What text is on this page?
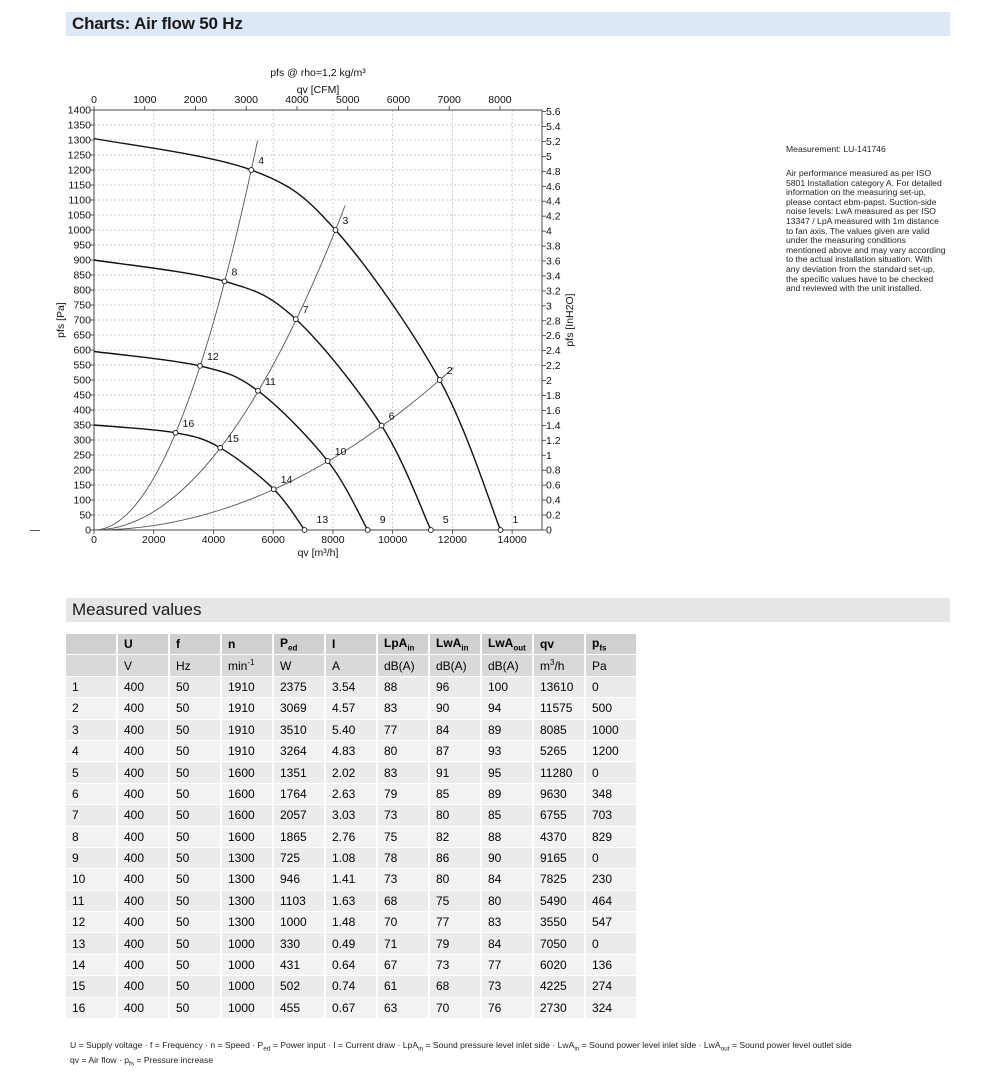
Charts: Air flow 50 Hz
0
50
100
150
200
250
300
350
400
450
500
550
600
650
700
750
800
850
900
950
1000
1050
1100
1150
1200
1250
1300
1350
1400
0	2000	4000	6000	8000	10000	12000	14000
0	1000	2000	3000	4000	5000	6000	7000	8000
0
0.2
0.4
0.6
0.8
1
1.2
1.4
1.6
1.8
2
2.2
2.4
2.6
2.8
3
3.2
3.4
3.6
3.8
4
4.2
4.4
4.6
4.8
5
5.2
5.4
5.6
pfs @ rho=1,2 kg/m³
qv [CFM]
qv [m³/h]
pfs [Pa]	pfs [InH2O]
1
2
3
4
5
6
7
8
9
10
11
12
13
14
15
16
Measurement: LU-141746
Air performance measured as per ISO 5801 Installation category A. For detailed information on the measuring set-up, please contact ebm-papst. Suction-side noise levels: LwA measured as per ISO 13347 / LpA measured with 1m distance to fan axis. The values given are valid under the measuring conditions mentioned above and may vary according to the actual installation situation. With any deviation from the standard set-up, the specific values have to be checked and reviewed with the unit installed.
Measured values
	U	f	n	$P_{ed}$	I	LpA$_{in}$	LwA$_{in}$	LwA$_{out}$	qv	$p_{fs}$
	V	Hz	$\min^{-1}$	W	A	dB(A)	dB(A)	dB(A)	$m^3/h$	Pa
1	400	50	1910	2375	3.54	88	96	100	13610	0
2	400	50	1910	3069	4.57	83	90	94	11575	500
3	400	50	1910	3510	5.40	77	84	89	8085	1000
4	400	50	1910	3264	4.83	80	87	93	5265	1200
5	400	50	1600	1351	2.02	83	91	95	11280	0
6	400	50	1600	1764	2.63	79	85	89	9630	348
7	400	50	1600	2057	3.03	73	80	85	6755	703
8	400	50	1600	1865	2.76	75	82	88	4370	829
9	400	50	1300	725	1.08	78	86	90	9165	0
10	400	50	1300	946	1.41	73	80	84	7825	230
11	400	50	1300	1103	1.63	68	75	80	5490	464
12	400	50	1300	1000	1.48	70	77	83	3550	547
13	400	50	1000	330	0.49	71	79	84	7050	0
14	400	50	1000	431	0.64	67	73	77	6020	136
15	400	50	1000	502	0.74	61	68	73	4225	274
16	400	50	1000	455	0.67	63	70	76	2730	324
U = Supply voltage · f = Frequency · n = Speed · $P_{ed}$ = Power input · I = Current draw · LpA$_{in}$ = Sound pressure level inlet side · LwA$_{in}$ = Sound power level inlet side · LwA$_{out}$ = Sound power level outlet side
qv = Air flow · $p_{fs}$ = Pressure increase
